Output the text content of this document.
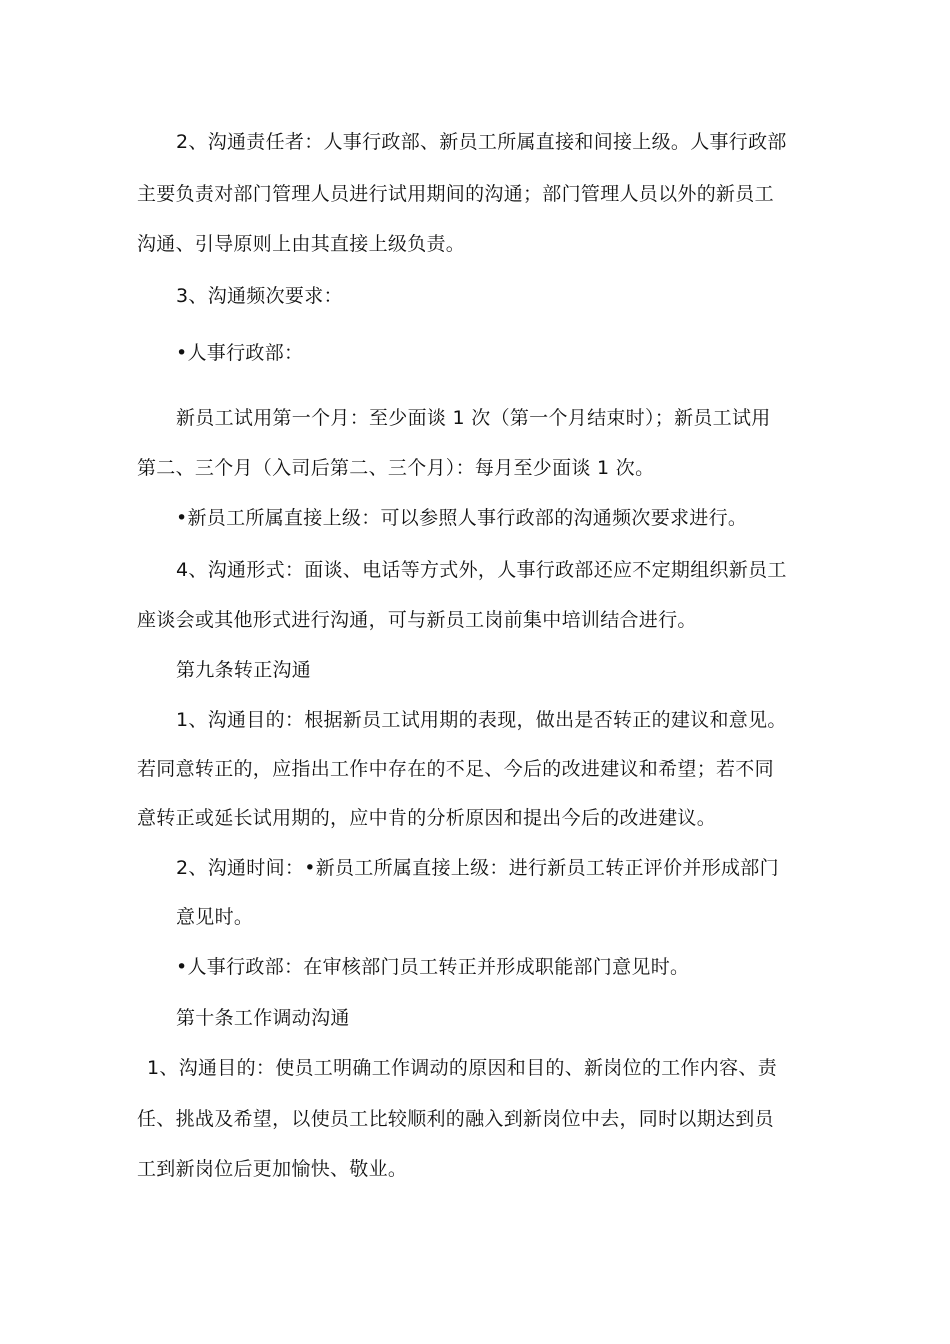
2、沟通责任者：人事行政部、新员工所属直接和间接上级。人事行政部
主要负责对部门管理人员进行试用期间的沟通；部门管理人员以外的新员工
沟通、引导原则上由其直接上级负责。
3、沟通频次要求：
•人事行政部：
新员工试用第一个月：至少面谈 1 次（第一个月结束时）；新员工试用
第二、三个月（入司后第二、三个月）：每月至少面谈 1 次。
•新员工所属直接上级：可以参照人事行政部的沟通频次要求进行。
4、沟通形式：面谈、电话等方式外，人事行政部还应不定期组织新员工
座谈会或其他形式进行沟通，可与新员工岗前集中培训结合进行。
第九条转正沟通
1、沟通目的：根据新员工试用期的表现，做出是否转正的建议和意见。
若同意转正的，应指出工作中存在的不足、今后的改进建议和希望；若不同
意转正或延长试用期的，应中肯的分析原因和提出今后的改进建议。
2、沟通时间：•新员工所属直接上级：进行新员工转正评价并形成部门
意见时。
•人事行政部：在审核部门员工转正并形成职能部门意见时。
第十条工作调动沟通
1、沟通目的：使员工明确工作调动的原因和目的、新岗位的工作内容、责
任、挑战及希望，以使员工比较顺利的融入到新岗位中去，同时以期达到员
工到新岗位后更加愉快、敬业。
